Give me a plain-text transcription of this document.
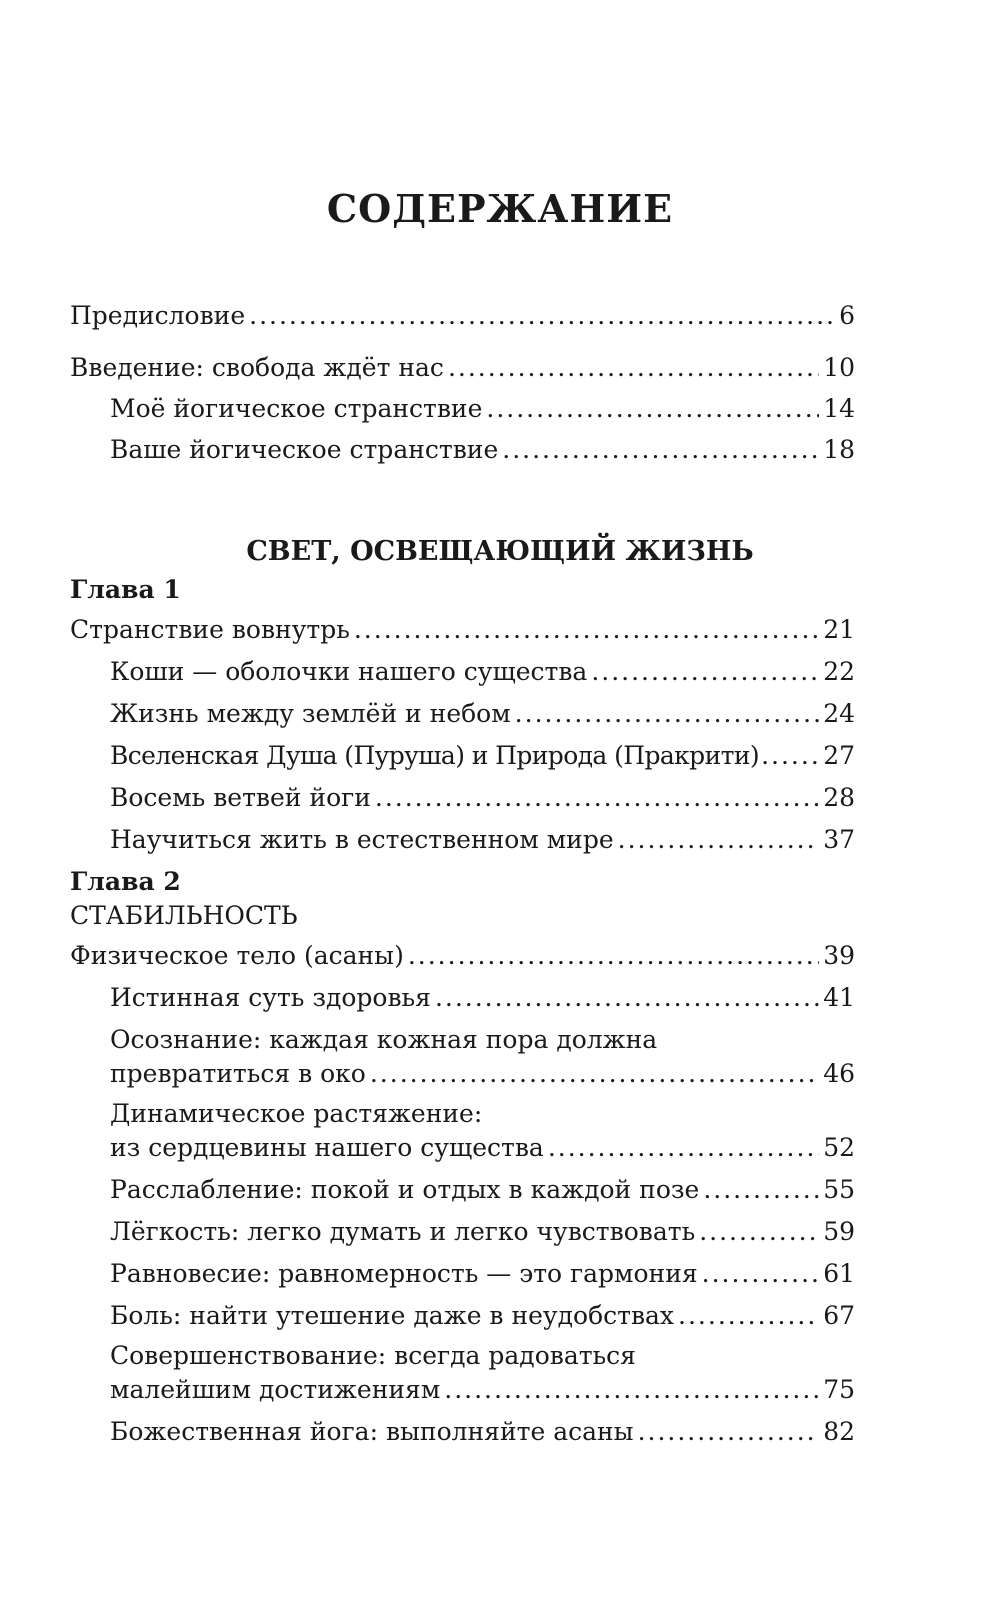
СОДЕРЖАНИЕ
Предисловие .....	6
Введение: свобода ждёт нас .....	10
Моё йогическое странствие .....	14
Ваше йогическое странствие .....	18
СВЕТ, ОСВЕЩАЮЩИЙ ЖИЗНЬ
Глава 1
Странствие вовнутрь .....	21
Коши — оболочки нашего существа .....	22
Жизнь между землёй и небом .....	24
Вселенская Душа (Пуруша) и Природа (Пракрити) .....	27
Восемь ветвей йоги .....	28
Научиться жить в естественном мире .....	37
Глава 2
СТАБИЛЬНОСТЬ
Физическое тело (асаны) .....	39
Истинная суть здоровья .....	41
Осознание: каждая кожная пора должна
превратиться в око .....	46
Динамическое растяжение:
из сердцевины нашего существа .....	52
Расслабление: покой и отдых в каждой позе .....	55
Лёгкость: легко думать и легко чувствовать .....	59
Равновесие: равномерность — это гармония .....	61
Боль: найти утешение даже в неудобствах .....	67
Совершенствование: всегда радоваться
малейшим достижениям .....	75
Божественная йога: выполняйте асаны .....	82
